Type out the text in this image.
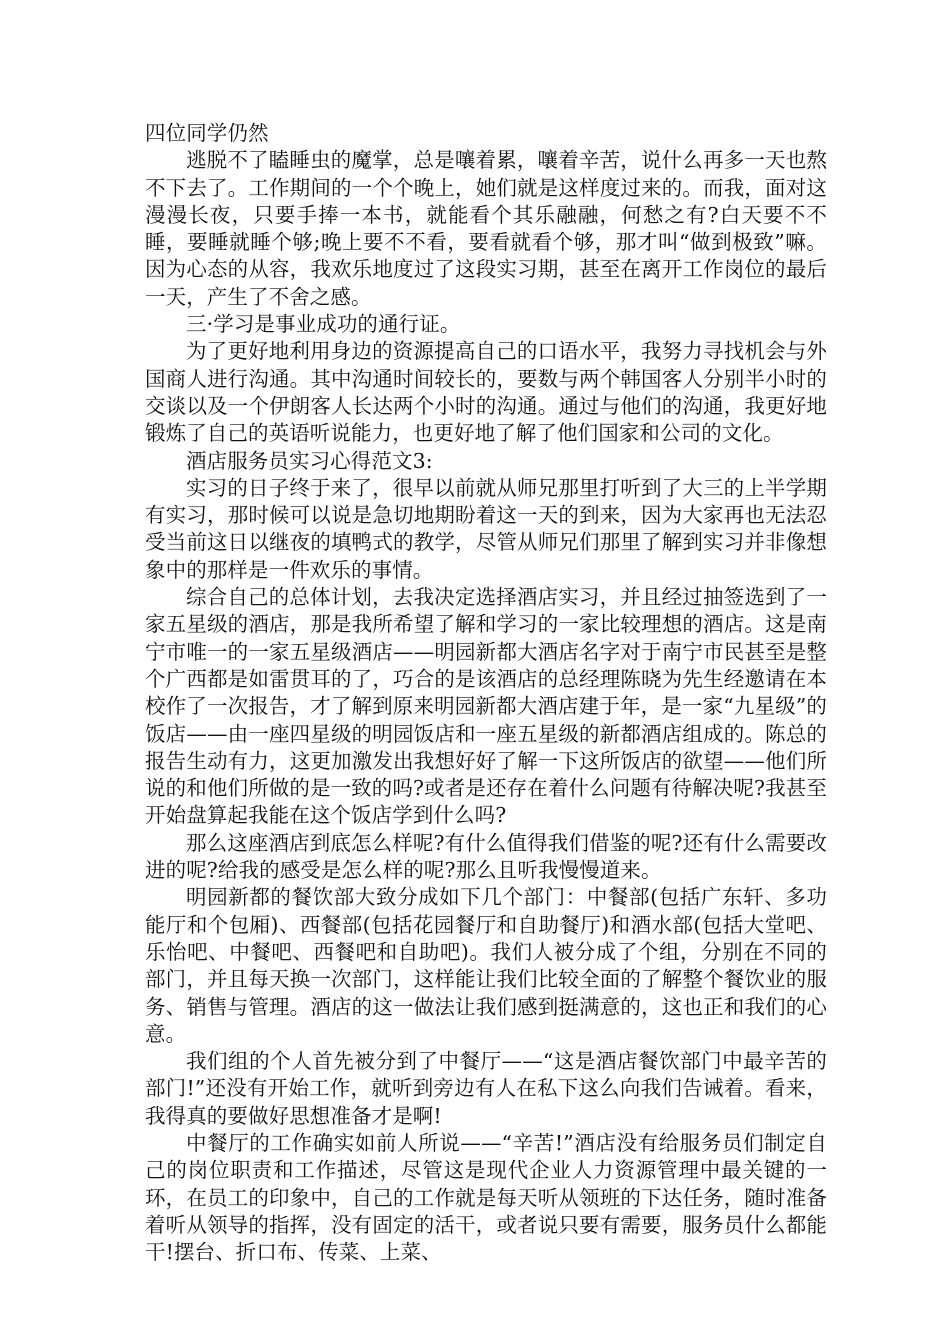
四位同学仍然

逃脱不了瞌睡虫的魔掌，总是嚷着累，嚷着辛苦，说什么再多一天也熬不下去了。工作期间的一个个晚上，她们就是这样度过来的。而我，面对这漫漫长夜，只要手捧一本书，就能看个其乐融融，何愁之有?白天要不不睡，要睡就睡个够;晚上要不不看，要看就看个够，那才叫“做到极致”嘛。因为心态的从容，我欢乐地度过了这段实习期，甚至在离开工作岗位的最后一天，产生了不舍之感。

三·学习是事业成功的通行证。

为了更好地利用身边的资源提高自己的口语水平，我努力寻找机会与外国商人进行沟通。其中沟通时间较长的，要数与两个韩国客人分别半小时的交谈以及一个伊朗客人长达两个小时的沟通。通过与他们的沟通，我更好地锻炼了自己的英语听说能力，也更好地了解了他们国家和公司的文化。

酒店服务员实习心得范文3:

实习的日子终于来了，很早以前就从师兄那里打听到了大三的上半学期有实习，那时候可以说是急切地期盼着这一天的到来，因为大家再也无法忍受当前这日以继夜的填鸭式的教学，尽管从师兄们那里了解到实习并非像想象中的那样是一件欢乐的事情。

综合自己的总体计划，去我决定选择酒店实习，并且经过抽签选到了一家五星级的酒店，那是我所希望了解和学习的一家比较理想的酒店。这是南宁市唯一的一家五星级酒店——明园新都大酒店名字对于南宁市民甚至是整个广西都是如雷贯耳的了，巧合的是该酒店的总经理陈晓为先生经邀请在本校作了一次报告，才了解到原来明园新都大酒店建于年，是一家“九星级”的饭店——由一座四星级的明园饭店和一座五星级的新都酒店组成的。陈总的报告生动有力，这更加激发出我想好好了解一下这所饭店的欲望——他们所说的和他们所做的是一致的吗?或者是还存在着什么问题有待解决呢?我甚至开始盘算起我能在这个饭店学到什么吗?

那么这座酒店到底怎么样呢?有什么值得我们借鉴的呢?还有什么需要改进的呢?给我的感受是怎么样的呢?那么且听我慢慢道来。

明园新都的餐饮部大致分成如下几个部门：中餐部(包括广东轩、多功能厅和个包厢)、西餐部(包括花园餐厅和自助餐厅)和酒水部(包括大堂吧、乐怡吧、中餐吧、西餐吧和自助吧)。我们人被分成了个组，分别在不同的部门，并且每天换一次部门，这样能让我们比较全面的了解整个餐饮业的服务、销售与管理。酒店的这一做法让我们感到挺满意的，这也正和我们的心意。

我们组的个人首先被分到了中餐厅——“这是酒店餐饮部门中最辛苦的部门!”还没有开始工作，就听到旁边有人在私下这么向我们告诫着。看来，我得真的要做好思想准备才是啊!

中餐厅的工作确实如前人所说——“辛苦!”酒店没有给服务员们制定自己的岗位职责和工作描述，尽管这是现代企业人力资源管理中最关键的一环，在员工的印象中，自己的工作就是每天听从领班的下达任务，随时准备着听从领导的指挥，没有固定的活干，或者说只要有需要，服务员什么都能干!摆台、折口布、传菜、上菜、
